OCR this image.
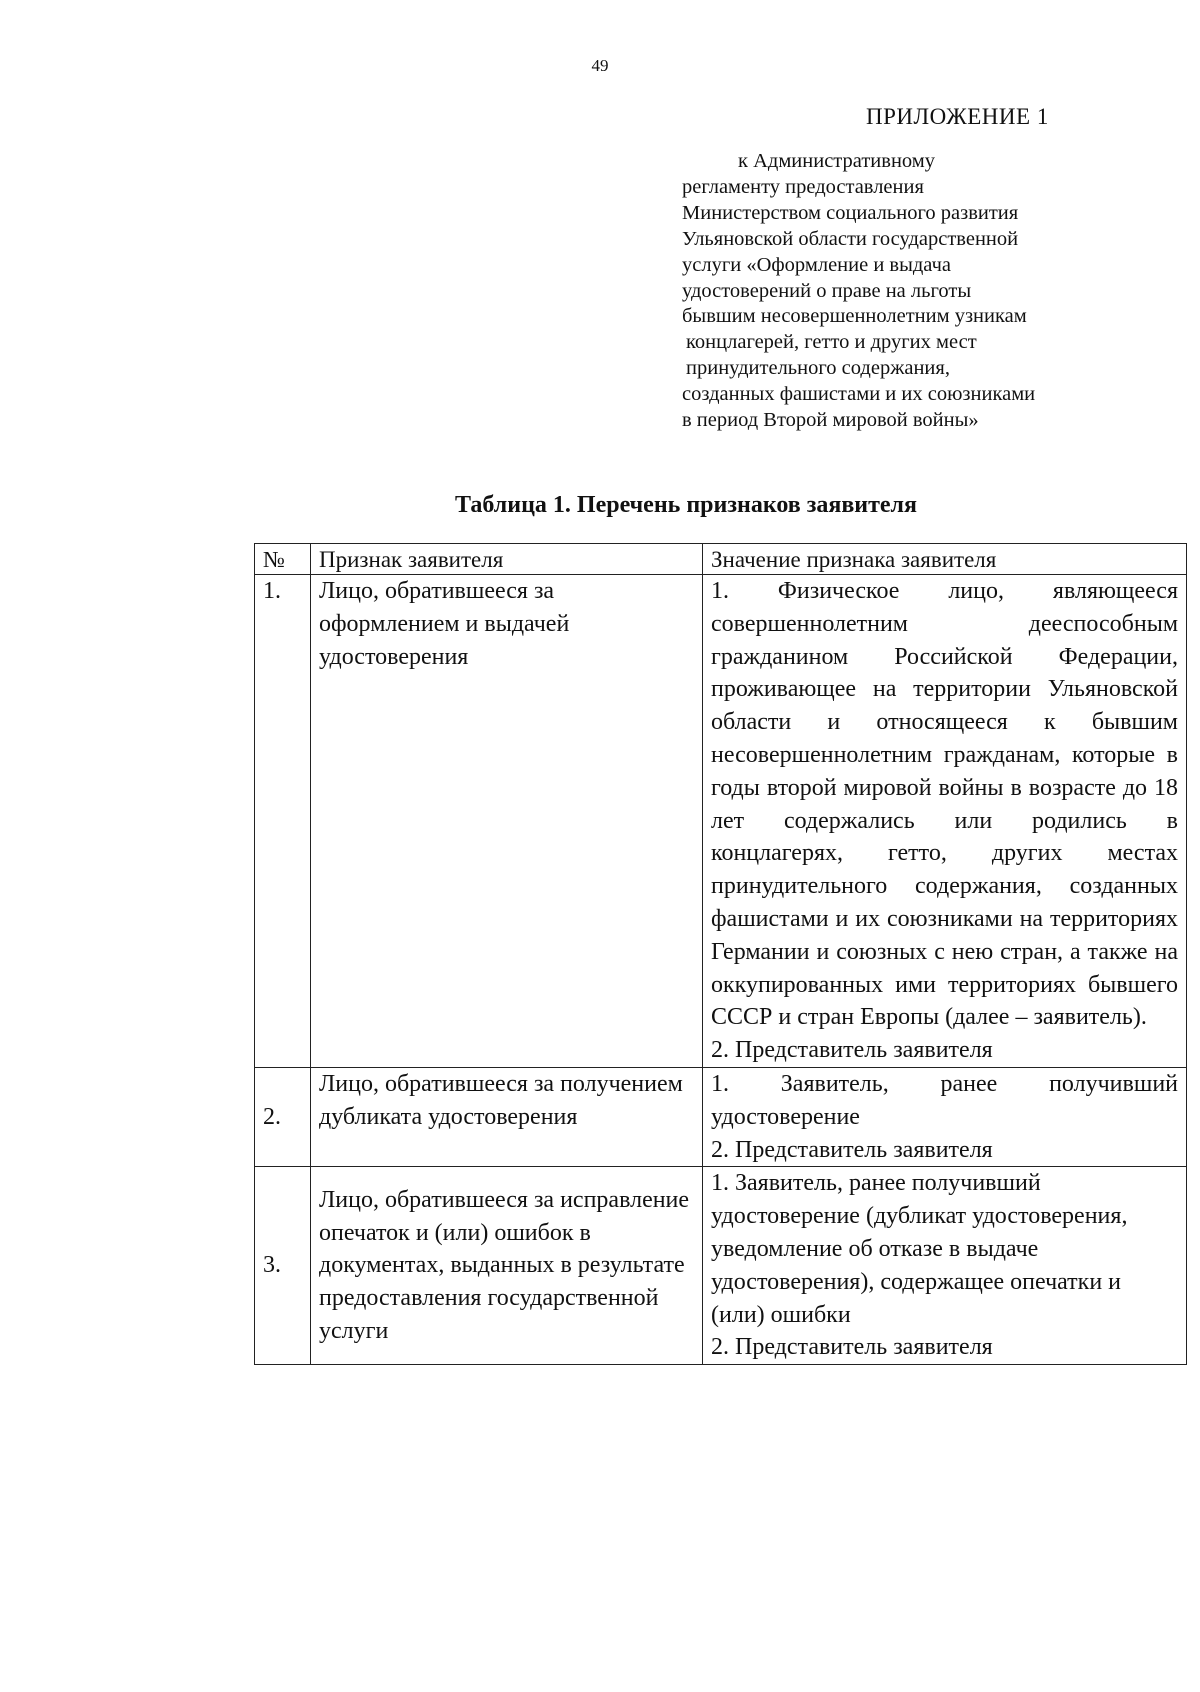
49
ПРИЛОЖЕНИЕ 1
к Административному
регламенту предоставления
Министерством социального развития
Ульяновской области государственной
услуги «Оформление и выдача
удостоверений о праве на льготы
бывшим несовершеннолетним узникам
концлагерей, гетто и других мест
принудительного содержания,
созданных фашистами и их союзниками
в период Второй мировой войны»
Таблица 1. Перечень признаков заявителя
№	Признак заявителя	Значение признака заявителя
1.	Лицо, обратившееся за оформлением и выдачей удостоверения	1. Физическое лицо, являющееся совершеннолетним дееспособным гражданином Российской Федерации, проживающее на территории Ульяновской области и относящееся к бывшим несовершеннолетним гражданам, которые в годы второй мировой войны в возрасте до 18 лет содержались или родились в концлагерях, гетто, других местах принудительного содержания, созданных фашистами и их союзниками на территориях Германии и союзных с нею стран, а также на оккупированных ими территориях бывшего СССР и стран Европы (далее – заявитель).
2. Представитель заявителя

2.	Лицо, обратившееся за получением дубликата удостоверения	1. Заявитель, ранее получивший удостоверение
2. Представитель заявителя

3.	Лицо, обратившееся за исправление опечаток и (или) ошибок в документах, выданных в результате предоставления государственной услуги	1. Заявитель, ранее получивший удостоверение (дубликат удостоверения, уведомление об отказе в выдаче удостоверения), содержащее опечатки и (или) ошибки
2. Представитель заявителя
